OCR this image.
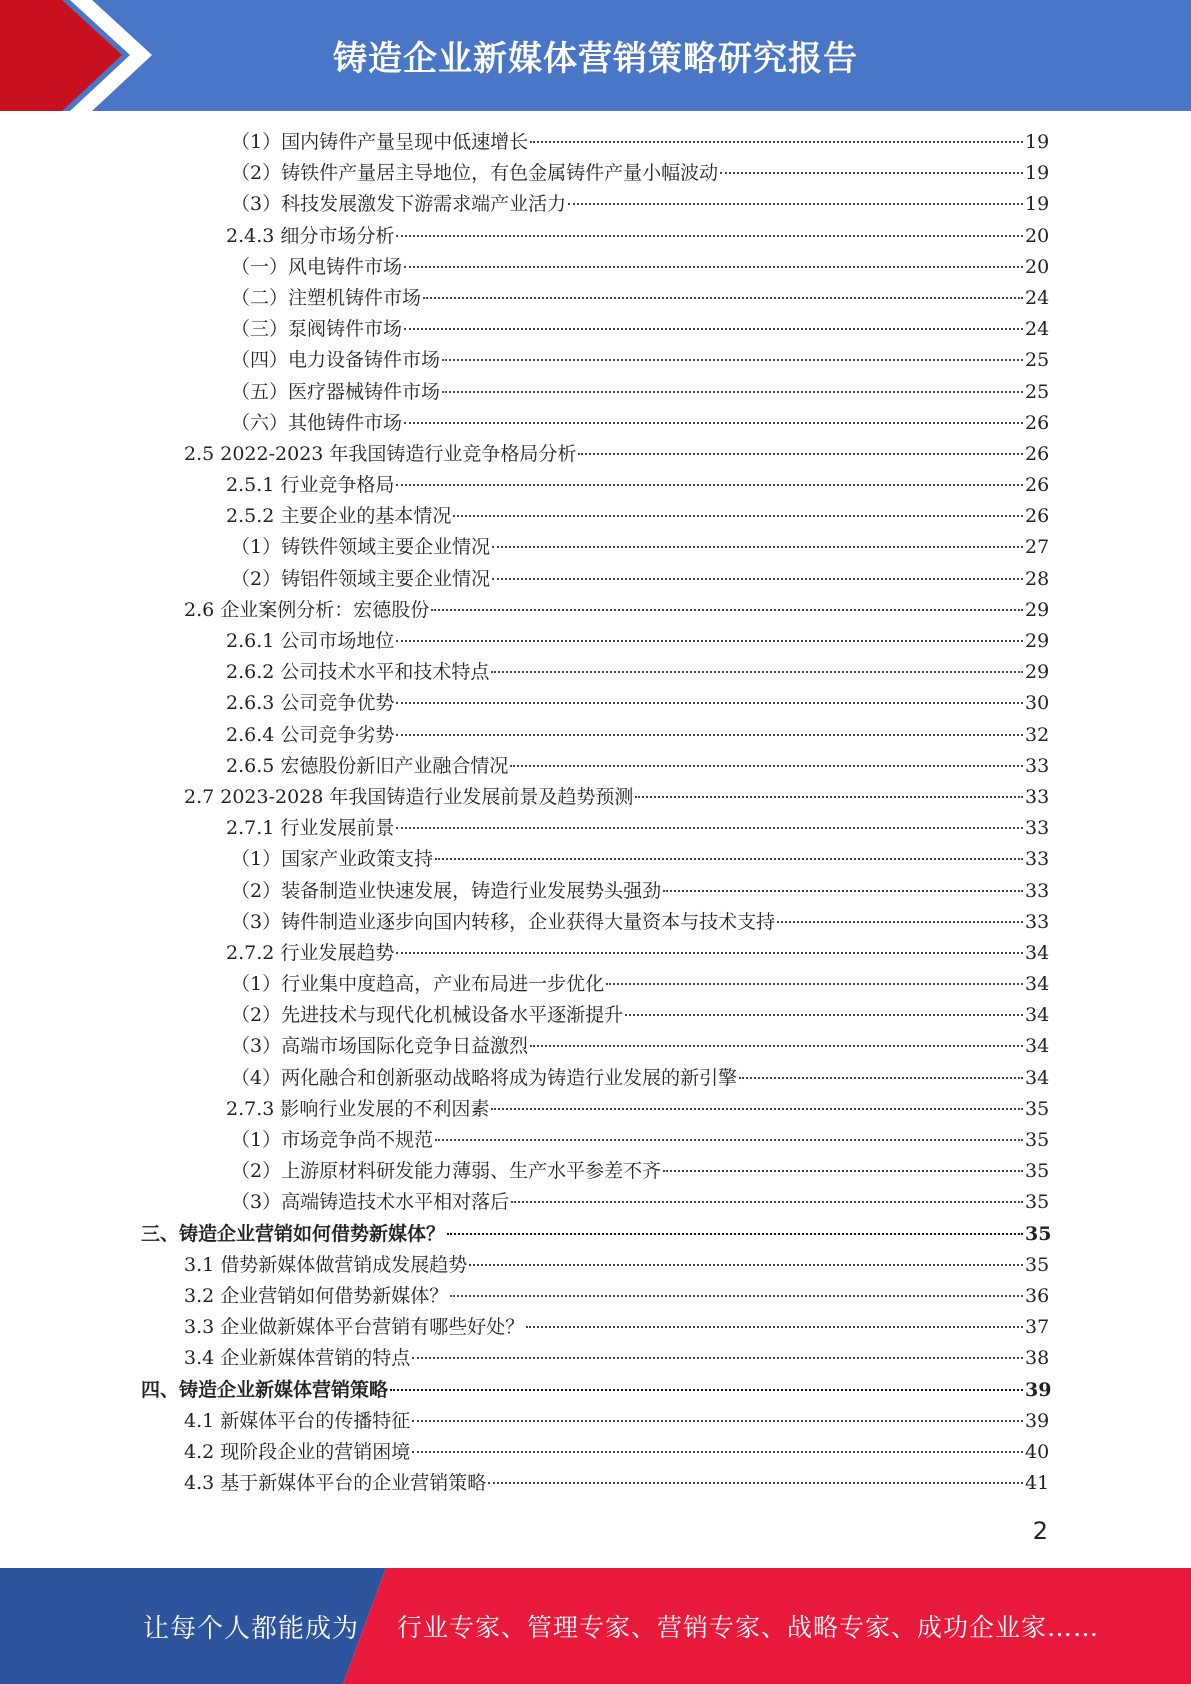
铸造企业新媒体营销策略研究报告
（1）国内铸件产量呈现中低速增长	19
（2）铸铁件产量居主导地位，有色金属铸件产量小幅波动	19
（3）科技发展激发下游需求端产业活力	19
2.4.3 细分市场分析	20
（一）风电铸件市场	20
（二）注塑机铸件市场	24
（三）泵阀铸件市场	24
（四）电力设备铸件市场	25
（五）医疗器械铸件市场	25
（六）其他铸件市场	26
2.5 2022-2023 年我国铸造行业竞争格局分析	26
2.5.1 行业竞争格局	26
2.5.2 主要企业的基本情况	26
（1）铸铁件领域主要企业情况	27
（2）铸铝件领域主要企业情况	28
2.6 企业案例分析：宏德股份	29
2.6.1 公司市场地位	29
2.6.2 公司技术水平和技术特点	29
2.6.3 公司竞争优势	30
2.6.4 公司竞争劣势	32
2.6.5 宏德股份新旧产业融合情况	33
2.7 2023-2028 年我国铸造行业发展前景及趋势预测	33
2.7.1 行业发展前景	33
（1）国家产业政策支持	33
（2）装备制造业快速发展，铸造行业发展势头强劲	33
（3）铸件制造业逐步向国内转移，企业获得大量资本与技术支持	33
2.7.2 行业发展趋势	34
（1）行业集中度趋高，产业布局进一步优化	34
（2）先进技术与现代化机械设备水平逐渐提升	34
（3）高端市场国际化竞争日益激烈	34
（4）两化融合和创新驱动战略将成为铸造行业发展的新引擎	34
2.7.3 影响行业发展的不利因素	35
（1）市场竞争尚不规范	35
（2）上游原材料研发能力薄弱、生产水平参差不齐	35
（3）高端铸造技术水平相对落后	35
三、铸造企业营销如何借势新媒体？	35
3.1 借势新媒体做营销成发展趋势	35
3.2 企业营销如何借势新媒体？	36
3.3 企业做新媒体平台营销有哪些好处？	37
3.4 企业新媒体营销的特点	38
四、铸造企业新媒体营销策略	39
4.1 新媒体平台的传播特征	39
4.2 现阶段企业的营销困境	40
4.3 基于新媒体平台的企业营销策略	41
2
让每个人都能成为 行业专家、管理专家、营销专家、战略专家、成功企业家……
